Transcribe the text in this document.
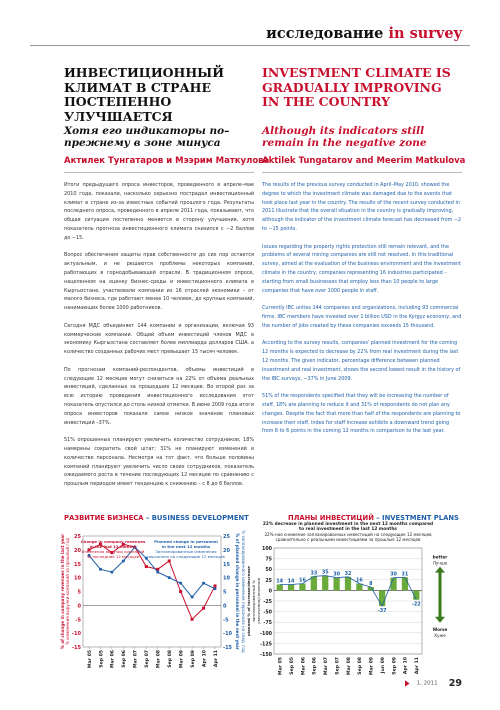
исследование in survey
ИНВЕСТИЦИОННЫЙ КЛИМАТ В СТРАНЕ ПОСТЕПЕННО УЛУЧШАЕТСЯ
INVESTMENT CLIMATE IS GRADUALLY IMPROVING IN THE COUNTRY
Хотя его индикаторы по–прежнему в зоне минуса
Although its indicators still remain in the negative zone
Актилек Тунгатаров и Мээрим Маткулова
Aktilek Tungatarov and Meerim Matkulova

Итоги предыдущего опроса инвесторов, проведенного в апреле–мае 2010 года, показали, насколько серьезно пострадал инвестиционный климат в стране из-за известных событий прошлого года. Результаты последнего опроса, проведенного в апреле 2011 года, показывают, что общая ситуация постепенно меняется в сторону улучшения, хотя показатель прогноза инвестиционного климата снизился с −2 баллов до −15.

Вопрос обеспечения защиты прав собственности до сих пор остается актуальным, и не решаются проблемы некоторых компаний, работающих в горнодобывающей отрасли. В традиционном опросе, нацеленном на оценку бизнес-среды и инвестиционного климата в Кыргызстане, участвовали компании из 16 отраслей экономики – от малого бизнеса, где работают менее 10 человек, до крупных компаний, нанимающих более 1000 работников.

Сегодня МДС объединяет 144 компании и организации, включая 93 коммерческие компании. Общий объем инвестиций членов МДС в экономику Кыргызстана составляет более миллиарда долларов США, а количество созданных рабочих мест превышает 15 тысяч человек.

По прогнозам компаний-респондентов, объемы инвестиций в следующие 12 месяцев могут снизиться на 22% от объема реальных инвестиций, сделанных за прошедшие 12 месяцев. Во второй раз за всю историю проведения инвестиционного исследования этот показатель опустился до столь низкой отметки. В июне 2009 года итоги опроса инвесторов показали самое низкое значение плановых инвестиций –37%.

51% опрошенных планируют увеличить количество сотрудников; 18% намерены сократить свой штат; 31% не планируют изменений в количестве персонала. Несмотря на тот факт, что больше половины компаний планируют увеличить число своих сотрудников, показатель ожидаемого роста в течение последующих 12 месяцев по сравнению с прошлым периодом имеет тенденцию к снижению – с 8 до 6 баллов.

The results of the previous survey conducted in April–May 2010, showed the degree to which the investment climate was damaged due to the events that took place last year in the country. The results of the recent survey conducted in 2011 illustrate that the overall situation in the country is gradually improving, although the indicator of the investment climate forecast has decreased from −2 to −15 points.

Issues regarding the property rights protection still remain relevant, and the problems of several mining companies are still not resolved. In this traditional survey, aimed at the evaluation of the business environment and the investment climate in the country, companies representing 16 industries participated – starting from small businesses that employ less than 10 people to large companies that have over 1000 people in staff.

Currently IBC unites 144 companies and organizations, including 93 commercial firms. IBC members have invested over 1 billion USD in the Kyrgyz economy, and the number of jobs created by these companies exceeds 15 thousand.

According to the survey results, companies' planned investment for the coming 12 months is expected to decrease by 22% from real investment during the last 12 months. The given indicator, percentage difference between planned investment and real investment, shows the second lowest result in the history of the IBC surveys, −37% in June 2009.

51% of the respondents specified that they will be increasing the number of staff, 18% are planning to reduce it and 31% of respondents do not plan any changes. Despite the fact that more than half of the respondents are planning to increase their staff, index for staff increase exhibits a downward trend going from 8 to 6 points in the coming 12 months in comparison to the last year.

РАЗВИТИЕ БИЗНЕСА – BUSINESS DEVELOPMENT	ПЛАНЫ ИНВЕСТИЦИЙ – INVESTMENT PLANS
25
20
15
10
5
0
-5
-10
-15
25
20
15
10
5
0
-5
-10
-15
Mar 05 Sep 05 Mar 06 Sep 06 Mar 07 Sep 07 Mar 08 Sep 08 Mar 09 Sep 09 Apr 10 Apr 11
% of change in company revenues in the last year % изменения выручки компаний за прошлый год	% of planned change in personnel in the next year % запланированного изменения персонала на след. год
Change in company revenues
in the last 12 months
Изменения выручки компаний
за последние 12 месяцев
Planned change in personnel
in the next 12 months
Запланированные изменения
персонала на следующие 12 месяцев
22% decrease in planned investment in the next 12 months compared
to real investment in the last 12 months
22%-ное снижение запланированных инвестиций на следующие 12 месяцев
сравнительно с реальными инвестициями за прошлые 12 месяцев
100
75
50
25
0
-25
-50
-75
-100
-125
-150
planned % of increase/decrease запланированный % увеличения/снижения	14
Mar 05
14
Sep 05
16
Mar 06
33
Sep 06
35
Mar 07
30
Sep 07
32
Mar 08
16
Sep 08
8
Mar 09
-37
Jun 09
30
Sep 09
31
Apr 10
-22
Apr 11
better
Лучше
Worse
Хуже
1, 2011 29
